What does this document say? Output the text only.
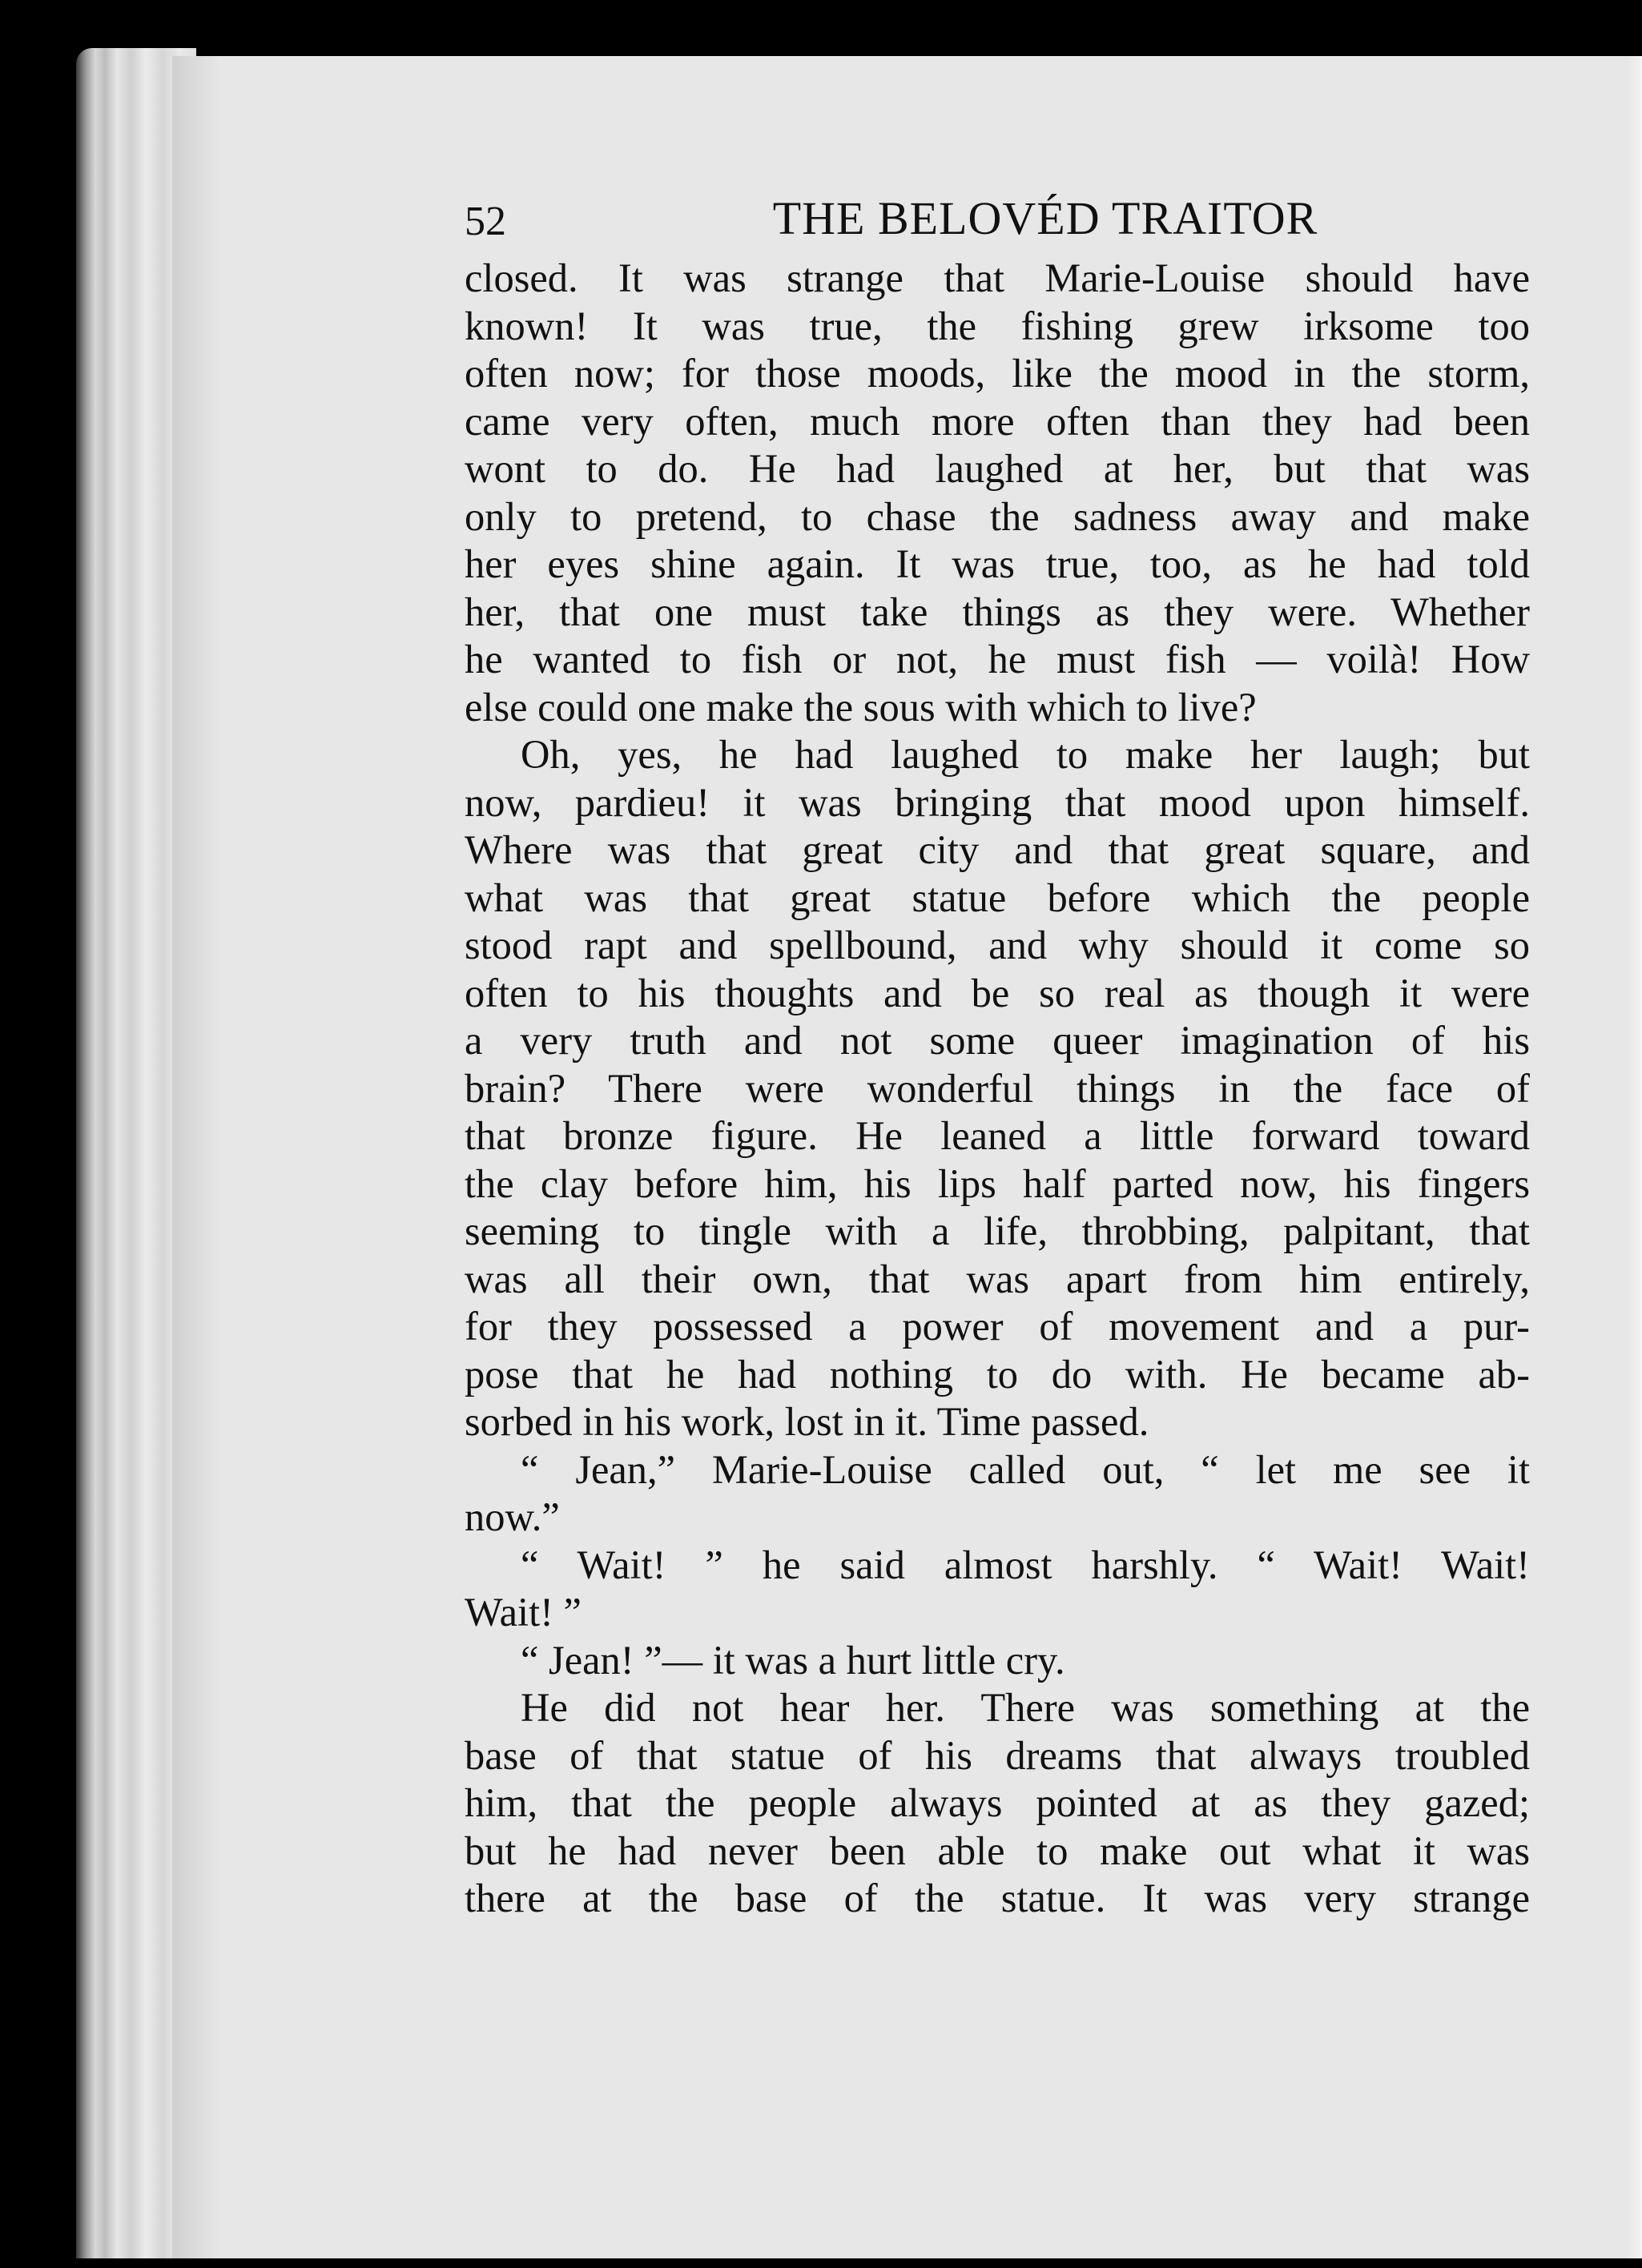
52	THE BELOVÉD TRAITOR
closed. It was strange that Marie-Louise should have
known! It was true, the fishing grew irksome too
often now; for those moods, like the mood in the storm,
came very often, much more often than they had been
wont to do. He had laughed at her, but that was
only to pretend, to chase the sadness away and make
her eyes shine again. It was true, too, as he had told
her, that one must take things as they were. Whether
he wanted to fish or not, he must fish — voilà! How
else could one make the sous with which to live?
Oh, yes, he had laughed to make her laugh; but
now, pardieu! it was bringing that mood upon himself.
Where was that great city and that great square, and
what was that great statue before which the people
stood rapt and spellbound, and why should it come so
often to his thoughts and be so real as though it were
a very truth and not some queer imagination of his
brain? There were wonderful things in the face of
that bronze figure. He leaned a little forward toward
the clay before him, his lips half parted now, his fingers
seeming to tingle with a life, throbbing, palpitant, that
was all their own, that was apart from him entirely,
for they possessed a power of movement and a pur-
pose that he had nothing to do with. He became ab-
sorbed in his work, lost in it. Time passed.
“ Jean,” Marie-Louise called out, “ let me see it
now.”
“ Wait! ” he said almost harshly. “ Wait! Wait!
Wait! ”
“ Jean! ”— it was a hurt little cry.
He did not hear her. There was something at the
base of that statue of his dreams that always troubled
him, that the people always pointed at as they gazed;
but he had never been able to make out what it was
there at the base of the statue. It was very strange
